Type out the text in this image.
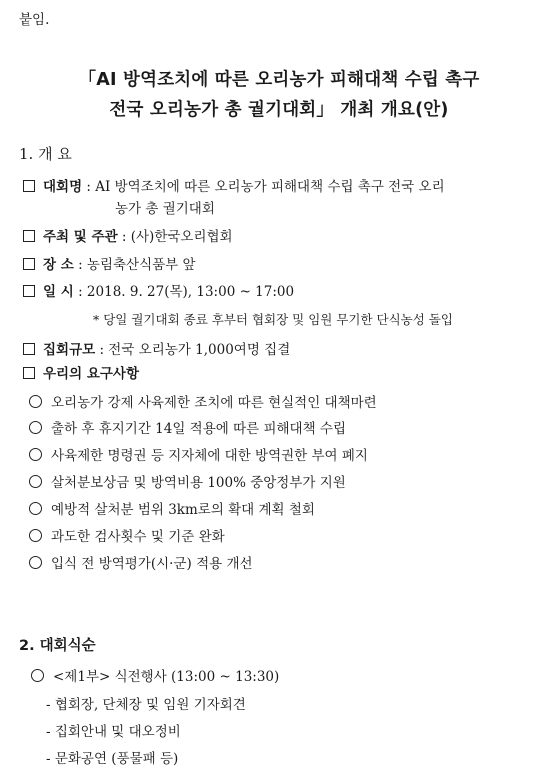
붙임.
「AI 방역조치에 따른 오리농가 피해대책 수립 촉구
전국 오리농가 총 궐기대회」 개최 개요(안)
1. 개 요
대회명 : AI 방역조치에 따른 오리농가 피해대책 수립 촉구 전국 오리
농가 총 궐기대회
주최 및 주관 : (사)한국오리협회
장 소 : 농림축산식품부 앞
일 시 : 2018. 9. 27(목), 13:00 ~ 17:00
* 당일 궐기대회 종료 후부터 협회장 및 임원 무기한 단식농성 돌입
집회규모 : 전국 오리농가 1,000여명 집결
우리의 요구사항
오리농가 강제 사육제한 조치에 따른 현실적인 대책마련
출하 후 휴지기간 14일 적용에 따른 피해대책 수립
사육제한 명령권 등 지자체에 대한 방역권한 부여 폐지
살처분보상금 및 방역비용 100% 중앙정부가 지원
예방적 살처분 범위 3km로의 확대 계획 철회
과도한 검사횟수 및 기준 완화
입식 전 방역평가(시·군) 적용 개선
2. 대회식순
<제1부> 식전행사 (13:00 ~ 13:30)
- 협회장, 단체장 및 임원 기자회견
- 집회안내 및 대오정비
- 문화공연 (풍물패 등)
